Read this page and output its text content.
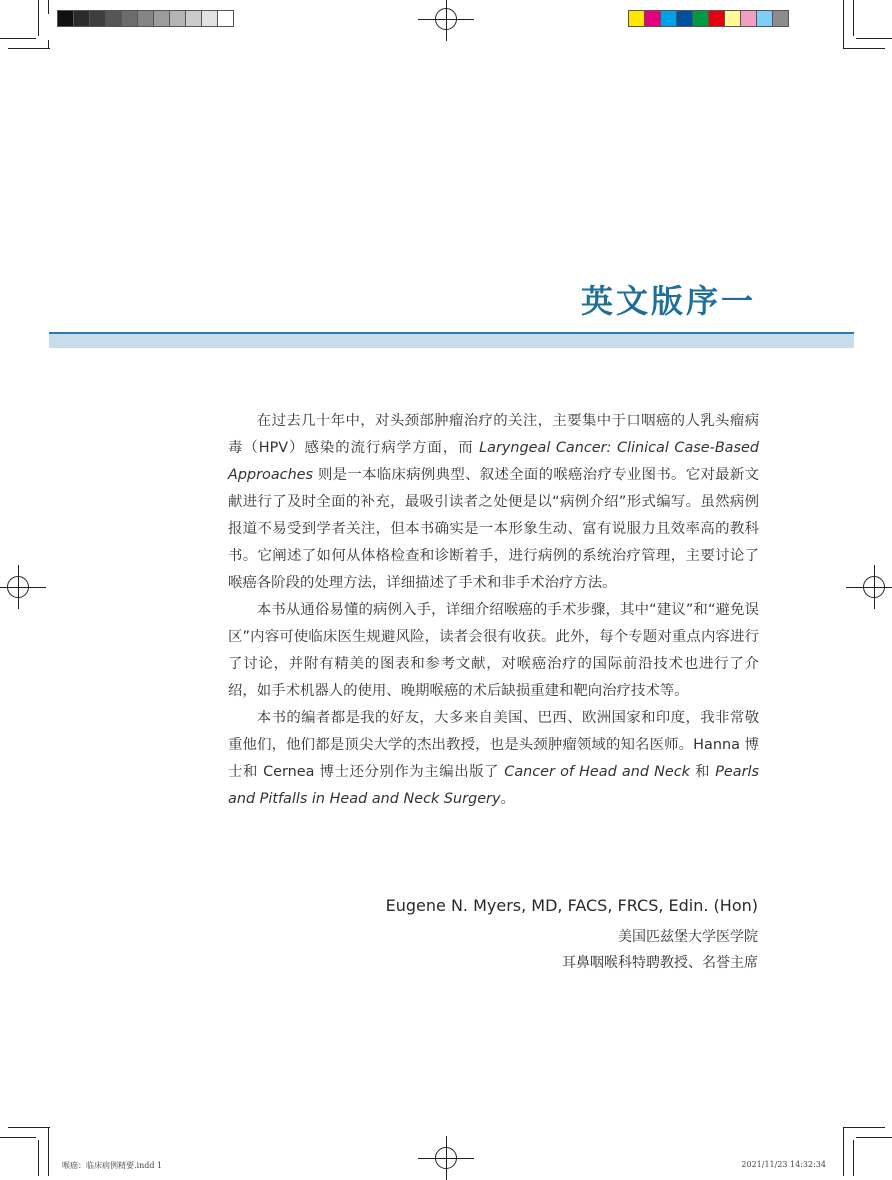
英文版序一

在过去几十年中，对头颈部肿瘤治疗的关注，主要集中于口咽癌的人乳头瘤病毒（HPV）感染的流行病学方面，而 Laryngeal Cancer: Clinical Case-Based Approaches 则是一本临床病例典型、叙述全面的喉癌治疗专业图书。它对最新文献进行了及时全面的补充，最吸引读者之处便是以“病例介绍”形式编写。虽然病例报道不易受到学者关注，但本书确实是一本形象生动、富有说服力且效率高的教科书。它阐述了如何从体格检查和诊断着手，进行病例的系统治疗管理，主要讨论了喉癌各阶段的处理方法，详细描述了手术和非手术治疗方法。

本书从通俗易懂的病例入手，详细介绍喉癌的手术步骤，其中“建议”和“避免误区”内容可使临床医生规避风险，读者会很有收获。此外，每个专题对重点内容进行了讨论，并附有精美的图表和参考文献，对喉癌治疗的国际前沿技术也进行了介绍，如手术机器人的使用、晚期喉癌的术后缺损重建和靶向治疗技术等。

本书的编者都是我的好友，大多来自美国、巴西、欧洲国家和印度，我非常敬重他们，他们都是顶尖大学的杰出教授，也是头颈肿瘤领域的知名医师。Hanna 博士和 Cernea 博士还分别作为主编出版了 Cancer of Head and Neck 和 Pearls and Pitfalls in Head and Neck Surgery。

Eugene N. Myers, MD, FACS, FRCS, Edin. (Hon)
美国匹兹堡大学医学院
耳鼻咽喉科特聘教授、名誉主席
喉癌：临床病例精要.indd 1	2021/11/23 14:32:34
